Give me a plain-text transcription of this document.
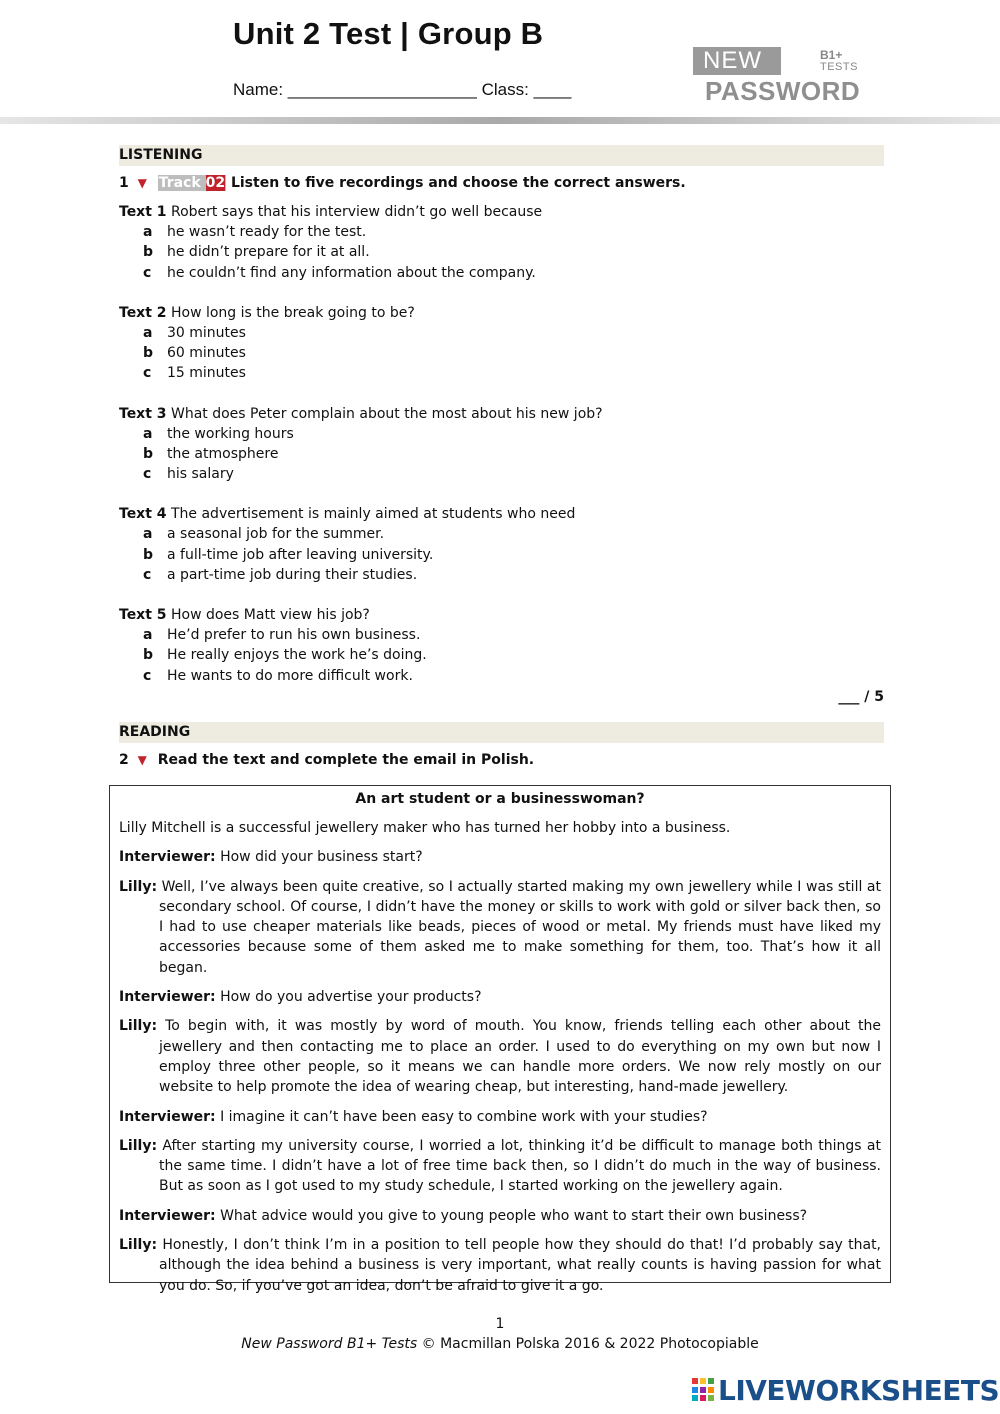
Unit 2 Test | Group B
Name: ____________________ Class: ____
NEW	B1+
TESTS
PASSWORD
LISTENING
1 ▼ Track 02 Listen to five recordings and choose the correct answers.
Text 1 Robert says that his interview didn’t go well because
a he wasn’t ready for the test.
b he didn’t prepare for it at all.
c he couldn’t find any information about the company.
Text 2 How long is the break going to be?
a 30 minutes
b 60 minutes
c 15 minutes
Text 3 What does Peter complain about the most about his new job?
a the working hours
b the atmosphere
c his salary
Text 4 The advertisement is mainly aimed at students who need
a a seasonal job for the summer.
b a full-time job after leaving university.
c a part-time job during their studies.
Text 5 How does Matt view his job?
a He’d prefer to run his own business.
b He really enjoys the work he’s doing.
c He wants to do more difficult work.
___ / 5
READING
2 ▼ Read the text and complete the email in Polish.
An art student or a businesswoman?
Lilly Mitchell is a successful jewellery maker who has turned her hobby into a business.
Interviewer: How did your business start?
Lilly: Well, I’ve always been quite creative, so I actually started making my own jewellery while I was still at secondary school. Of course, I didn’t have the money or skills to work with gold or silver back then, so I had to use cheaper materials like beads, pieces of wood or metal. My friends must have liked my accessories because some of them asked me to make something for them, too. That’s how it all began.
Interviewer: How do you advertise your products?
Lilly: To begin with, it was mostly by word of mouth. You know, friends telling each other about the jewellery and then contacting me to place an order. I used to do everything on my own but now I employ three other people, so it means we can handle more orders. We now rely mostly on our website to help promote the idea of wearing cheap, but interesting, hand-made jewellery.
Interviewer: I imagine it can’t have been easy to combine work with your studies?
Lilly: After starting my university course, I worried a lot, thinking it’d be difficult to manage both things at the same time. I didn’t have a lot of free time back then, so I didn’t do much in the way of business. But as soon as I got used to my study schedule, I started working on the jewellery again.
Interviewer: What advice would you give to young people who want to start their own business?
Lilly: Honestly, I don’t think I’m in a position to tell people how they should do that! I’d probably say that, although the idea behind a business is very important, what really counts is having passion for what you do. So, if you’ve got an idea, don’t be afraid to give it a go.
1
New Password B1+ Tests © Macmillan Polska 2016 & 2022 Photocopiable
LIVEWORKSHEETS
